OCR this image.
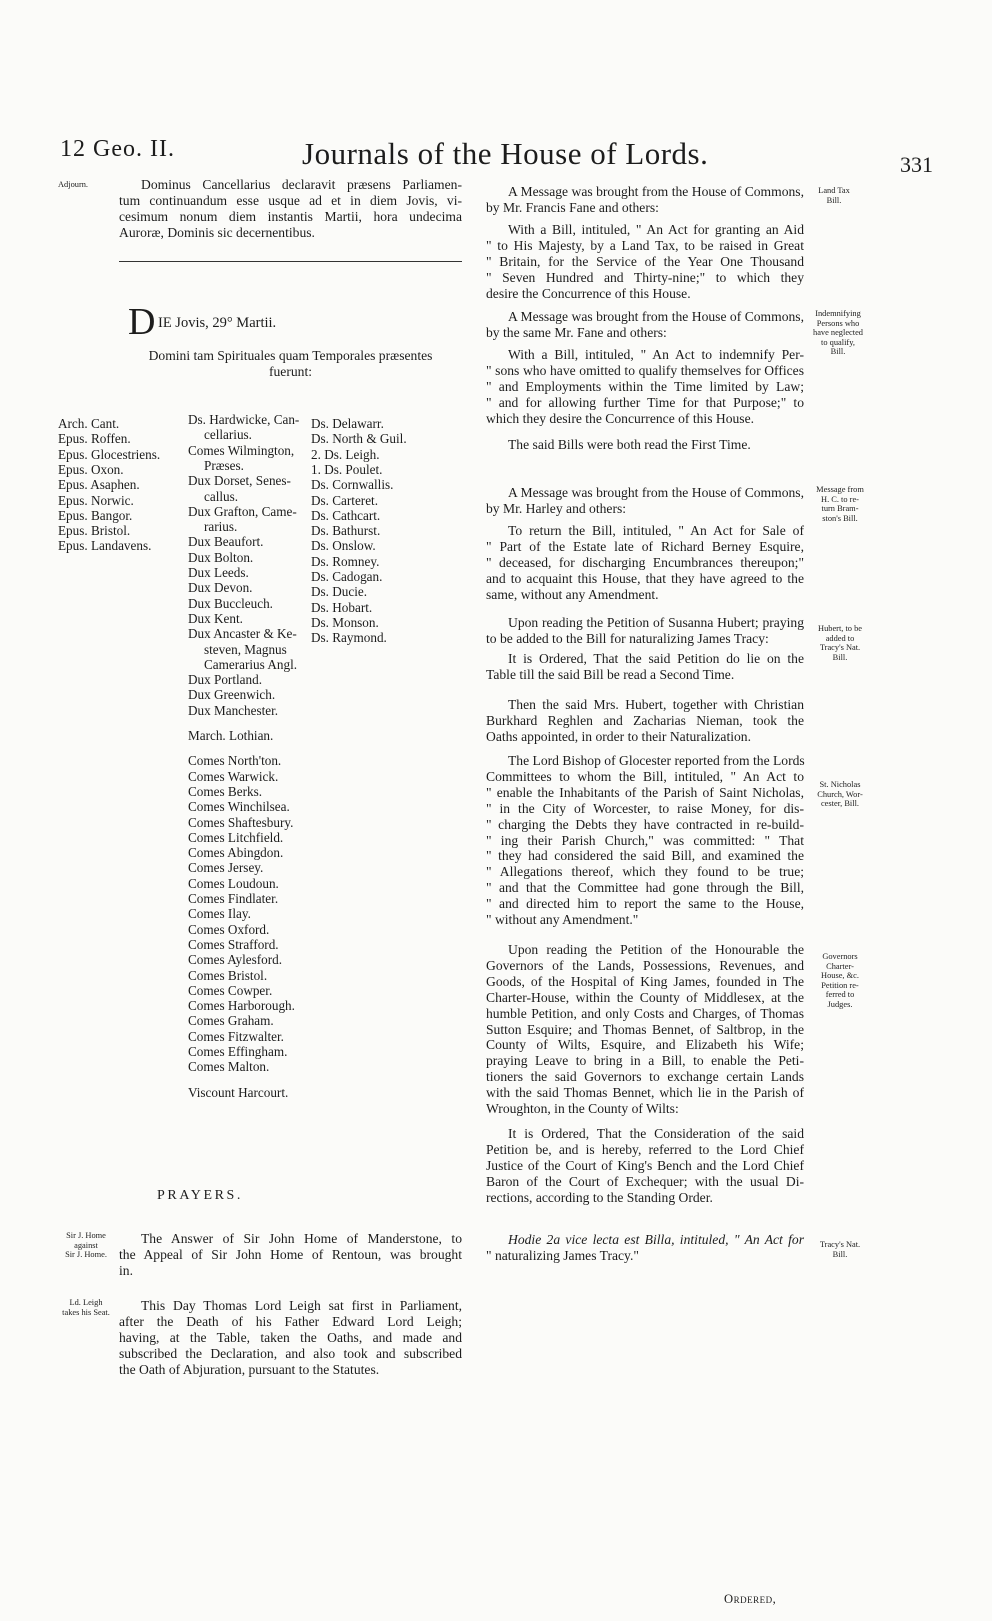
12 Geo. II.	Journals of the House of Lords.	331
Adjourn.	Dominus Cancellarius declaravit præsens Parliamen-
tum continuandum esse usque ad et in diem Jovis, vi-
cesimum nonum diem instantis Martii, hora undecima
Auroræ, Dominis sic decernentibus.
D IE Jovis, 29° Martii.
Domini tam Spirituales quam Temporales præsentes
fuerunt:
Arch. Cant.
Epus. Roffen.
Epus. Glocestriens.
Epus. Oxon.
Epus. Asaphen.
Epus. Norwic.
Epus. Bangor.
Epus. Bristol.
Epus. Landavens.
Ds. Hardwicke, Can-
cellarius.
Comes Wilmington,
Præses.
Dux Dorset, Senes-
callus.
Dux Grafton, Came-
rarius.
Dux Beaufort.
Dux Bolton.
Dux Leeds.
Dux Devon.
Dux Buccleuch.
Dux Kent.
Dux Ancaster & Ke-
steven, Magnus
Camerarius Angl.
Dux Portland.
Dux Greenwich.
Dux Manchester.
March. Lothian.
Comes North'ton.
Comes Warwick.
Comes Berks.
Comes Winchilsea.
Comes Shaftesbury.
Comes Litchfield.
Comes Abingdon.
Comes Jersey.
Comes Loudoun.
Comes Findlater.
Comes Ilay.
Comes Oxford.
Comes Strafford.
Comes Aylesford.
Comes Bristol.
Comes Cowper.
Comes Harborough.
Comes Graham.
Comes Fitzwalter.
Comes Effingham.
Comes Malton.
Viscount Harcourt.
Ds. Delawarr.
Ds. North & Guil.
2. Ds. Leigh.
1. Ds. Poulet.
Ds. Cornwallis.
Ds. Carteret.
Ds. Cathcart.
Ds. Bathurst.
Ds. Onslow.
Ds. Romney.
Ds. Cadogan.
Ds. Ducie.
Ds. Hobart.
Ds. Monson.
Ds. Raymond.
PRAYERS.
Sir J. Home
against
Sir J. Home.
The Answer of Sir John Home of Manderstone, to
the Appeal of Sir John Home of Rentoun, was brought
in.
Ld. Leigh
takes his Seat.	This Day Thomas Lord Leigh sat first in Parliament,
after the Death of his Father Edward Lord Leigh;
having, at the Table, taken the Oaths, and made and
subscribed the Declaration, and also took and subscribed
the Oath of Abjuration, pursuant to the Statutes.
A Message was brought from the House of Commons,
by Mr. Francis Fane and others:
Land Tax
Bill.
With a Bill, intituled, " An Act for granting an Aid
" to His Majesty, by a Land Tax, to be raised in Great
" Britain, for the Service of the Year One Thousand
" Seven Hundred and Thirty-nine;" to which they
desire the Concurrence of this House.
A Message was brought from the House of Commons,
by the same Mr. Fane and others:
Indemnifying
Persons who
have neglected
to qualify,
Bill.
With a Bill, intituled, " An Act to indemnify Per-
" sons who have omitted to qualify themselves for Offices
" and Employments within the Time limited by Law;
" and for allowing further Time for that Purpose;" to
which they desire the Concurrence of this House.
The said Bills were both read the First Time.
A Message was brought from the House of Commons,
by Mr. Harley and others:
Message from
H. C. to re-
turn Bram-
ston's Bill.
To return the Bill, intituled, " An Act for Sale of
" Part of the Estate late of Richard Berney Esquire,
" deceased, for discharging Encumbrances thereupon;"
and to acquaint this House, that they have agreed to the
same, without any Amendment.
Upon reading the Petition of Susanna Hubert; praying
to be added to the Bill for naturalizing James Tracy:
Hubert, to be
added to
Tracy's Nat.
Bill.
It is Ordered, That the said Petition do lie on the
Table till the said Bill be read a Second Time.
Then the said Mrs. Hubert, together with Christian
Burkhard Reghlen and Zacharias Nieman, took the
Oaths appointed, in order to their Naturalization.
The Lord Bishop of Glocester reported from the Lords
Committees to whom the Bill, intituled, " An Act to
" enable the Inhabitants of the Parish of Saint Nicholas,
" in the City of Worcester, to raise Money, for dis-
" charging the Debts they have contracted in re-build-
" ing their Parish Church," was committed: " That
" they had considered the said Bill, and examined the
" Allegations thereof, which they found to be true;
" and that the Committee had gone through the Bill,
" and directed him to report the same to the House,
" without any Amendment."
St. Nicholas
Church, Wor-
cester, Bill.
Upon reading the Petition of the Honourable the
Governors of the Lands, Possessions, Revenues, and
Goods, of the Hospital of King James, founded in The
Charter-House, within the County of Middlesex, at the
humble Petition, and only Costs and Charges, of Thomas
Sutton Esquire; and Thomas Bennet, of Saltbrop, in the
County of Wilts, Esquire, and Elizabeth his Wife;
praying Leave to bring in a Bill, to enable the Peti-
tioners the said Governors to exchange certain Lands
with the said Thomas Bennet, which lie in the Parish of
Wroughton, in the County of Wilts:
Governors
Charter-
House, &c.
Petition re-
ferred to
Judges.
It is Ordered, That the Consideration of the said
Petition be, and is hereby, referred to the Lord Chief
Justice of the Court of King's Bench and the Lord Chief
Baron of the Court of Exchequer; with the usual Di-
rections, according to the Standing Order.
Hodie 2a vice lecta est Billa, intituled, " An Act for
" naturalizing James Tracy."
Tracy's Nat.
Bill.
Ordered,
